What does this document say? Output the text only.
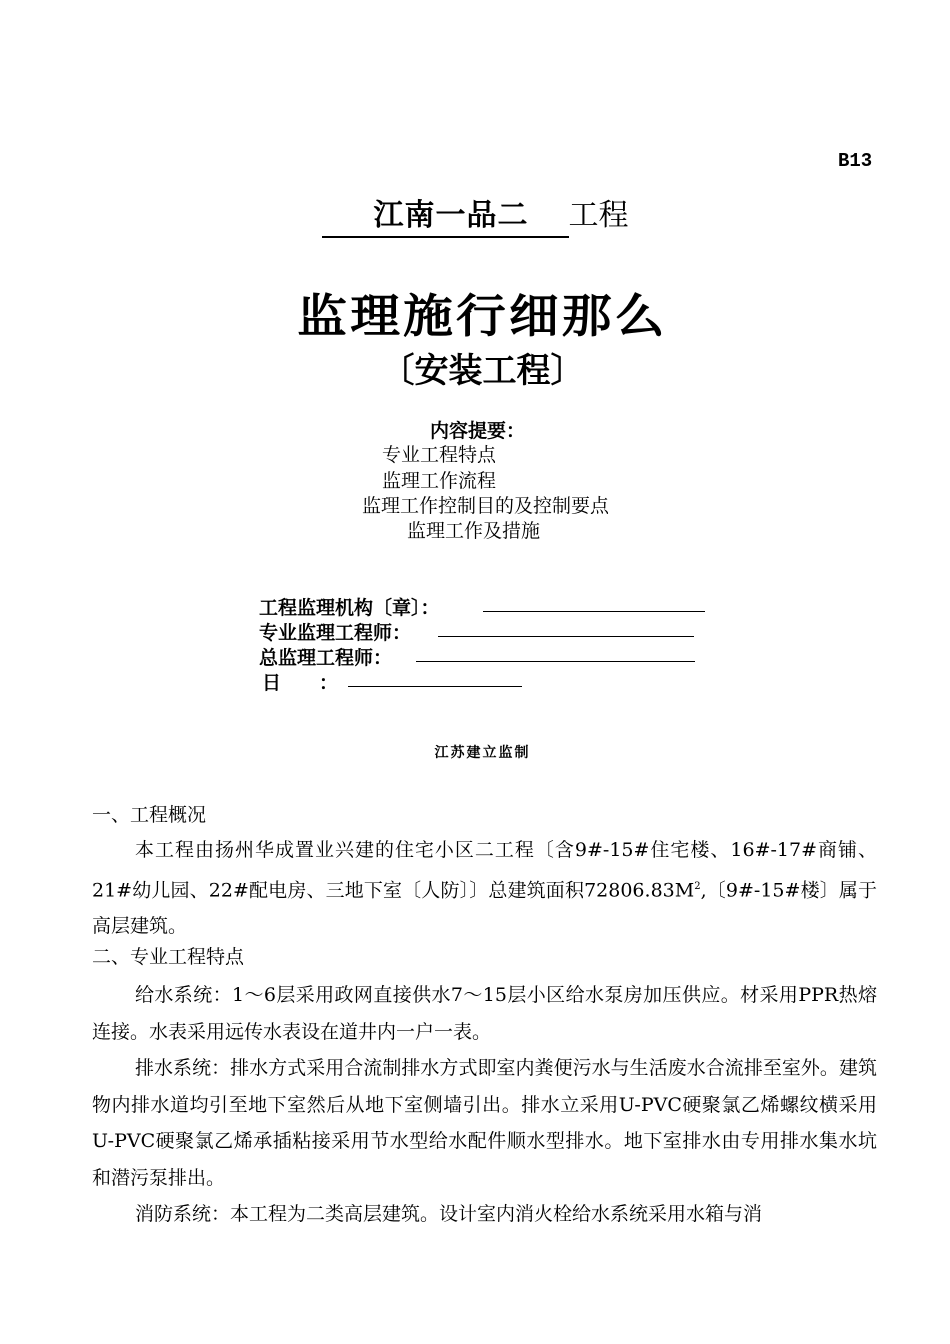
B13
江南一品二 工程
监理施行细那么
〔安装工程〕
内容提要：
专业工程特点
监理工作流程
监理工作控制目的及控制要点
监理工作及措施
工程监理机构〔章〕：
专业监理工程师：
总监理工程师：
日　　：
江苏建立监制
一、工程概况
本工程由扬州华成置业兴建的住宅小区二工程〔含9#-15#住宅楼、16#-17#商铺、21#幼儿园、22#配电房、三地下室〔人防〕〕总建筑面积$72806.83M^2$,〔9#-15#楼〕属于高层建筑。
二、专业工程特点
给水系统：1～6层采用政网直接供水7～15层小区给水泵房加压供应。材采用PPR热熔连接。水表采用远传水表设在道井内一户一表。
排水系统：排水方式采用合流制排水方式即室内粪便污水与生活废水合流排至室外。建筑物内排水道均引至地下室然后从地下室侧墙引出。排水立采用U-PVC硬聚氯乙烯螺纹横采用U-PVC硬聚氯乙烯承插粘接采用节水型给水配件顺水型排水。地下室排水由专用排水集水坑和潜污泵排出。
消防系统：本工程为二类高层建筑。设计室内消火栓给水系统采用水箱与消
